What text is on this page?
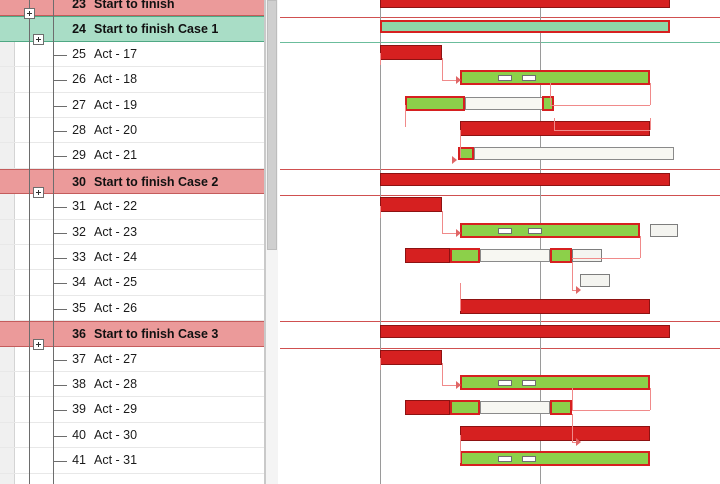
23 Start to finish
24 Start to finish Case 1
25 Act - 17
26 Act - 18
27 Act - 19
28 Act - 20
29 Act - 21
30 Start to finish Case 2
31 Act - 22
32 Act - 23
33 Act - 24
34 Act - 25
35 Act - 26
36 Start to finish Case 3
37 Act - 27
38 Act - 28
39 Act - 29
40 Act - 30
41 Act - 31
